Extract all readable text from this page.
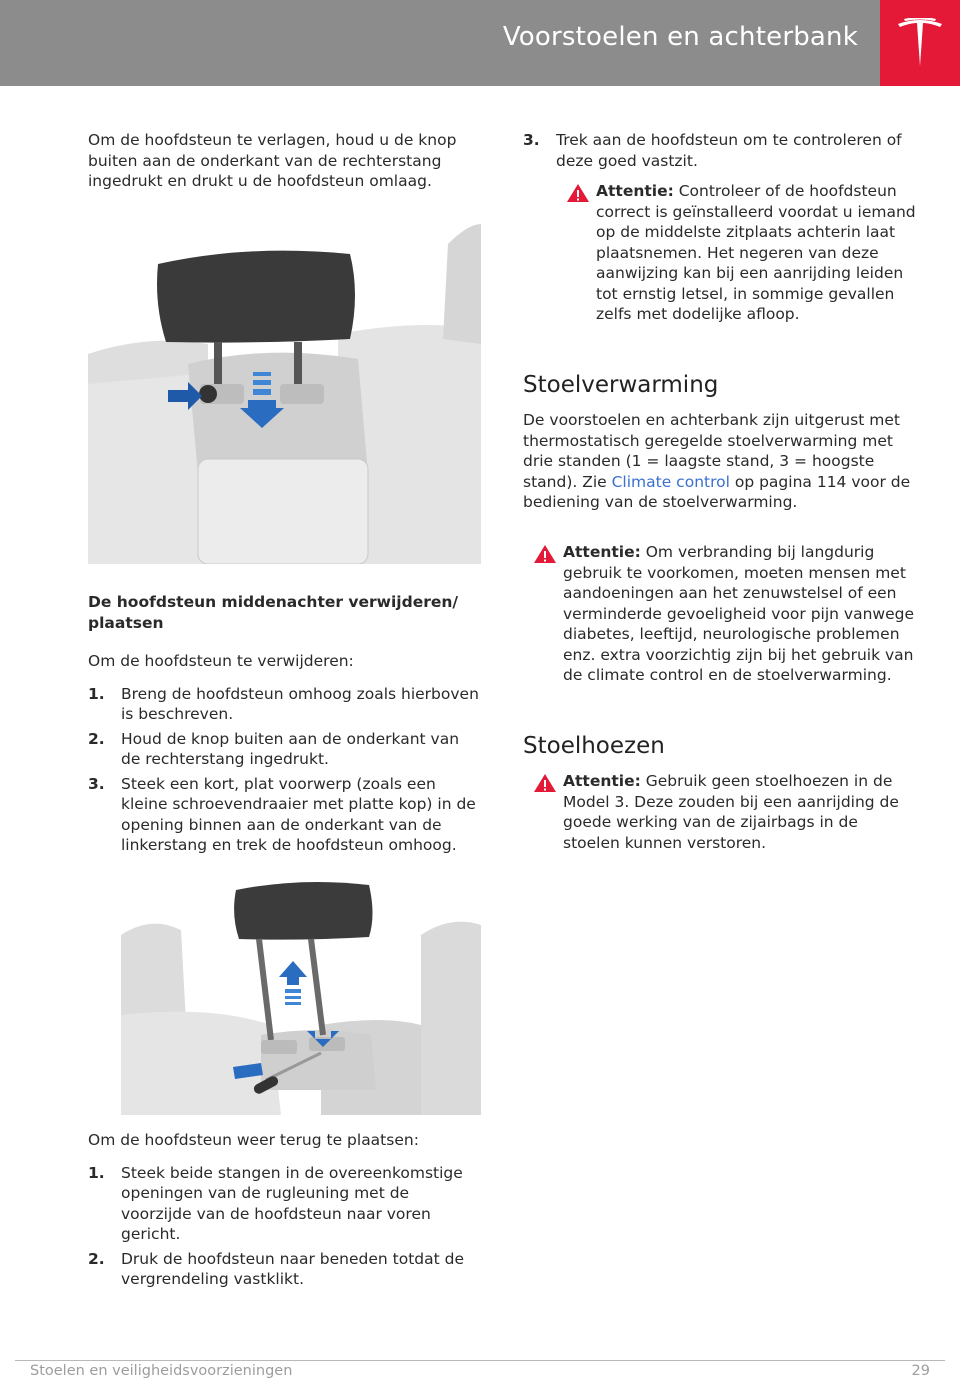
Voorstoelen en achterbank

Om de hoofdsteun te verlagen, houd u de knop buiten aan de onderkant van de rechterstang ingedrukt en drukt u de hoofdsteun omlaag.

De hoofdsteun middenachter verwijderen/ plaatsen

Om de hoofdsteun te verwijderen:

1. Breng de hoofdsteun omhoog zoals hierboven is beschreven.
2. Houd de knop buiten aan de onderkant van de rechterstang ingedrukt.
3. Steek een kort, plat voorwerp (zoals een kleine schroevendraaier met platte kop) in de opening binnen aan de onderkant van de linkerstang en trek de hoofdsteun omhoog.

Om de hoofdsteun weer terug te plaatsen:

1. Steek beide stangen in de overeenkomstige openingen van de rugleuning met de voorzijde van de hoofdsteun naar voren gericht.
2. Druk de hoofdsteun naar beneden totdat de vergrendeling vastklikt.
3. Trek aan de hoofdsteun om te controleren of deze goed vastzit.
Attentie: Controleer of de hoofdsteun correct is geïnstalleerd voordat u iemand op de middelste zitplaats achterin laat plaatsnemen. Het negeren van deze aanwijzing kan bij een aanrijding leiden tot ernstig letsel, in sommige gevallen zelfs met dodelijke afloop.
Stoelverwarming

De voorstoelen en achterbank zijn uitgerust met thermostatisch geregelde stoelverwarming met drie standen (1 = laagste stand, 3 = hoogste stand). Zie Climate control op pagina 114 voor de bediening van de stoelverwarming.

Attentie: Om verbranding bij langdurig gebruik te voorkomen, moeten mensen met aandoeningen aan het zenuwstelsel of een verminderde gevoeligheid voor pijn vanwege diabetes, leeftijd, neurologische problemen enz. extra voorzichtig zijn bij het gebruik van de climate control en de stoelverwarming.
Stoelhoezen
Attentie: Gebruik geen stoelhoezen in de Model 3. Deze zouden bij een aanrijding de goede werking van de zijairbags in de stoelen kunnen verstoren.
Stoelen en veiligheidsvoorzieningen	29
